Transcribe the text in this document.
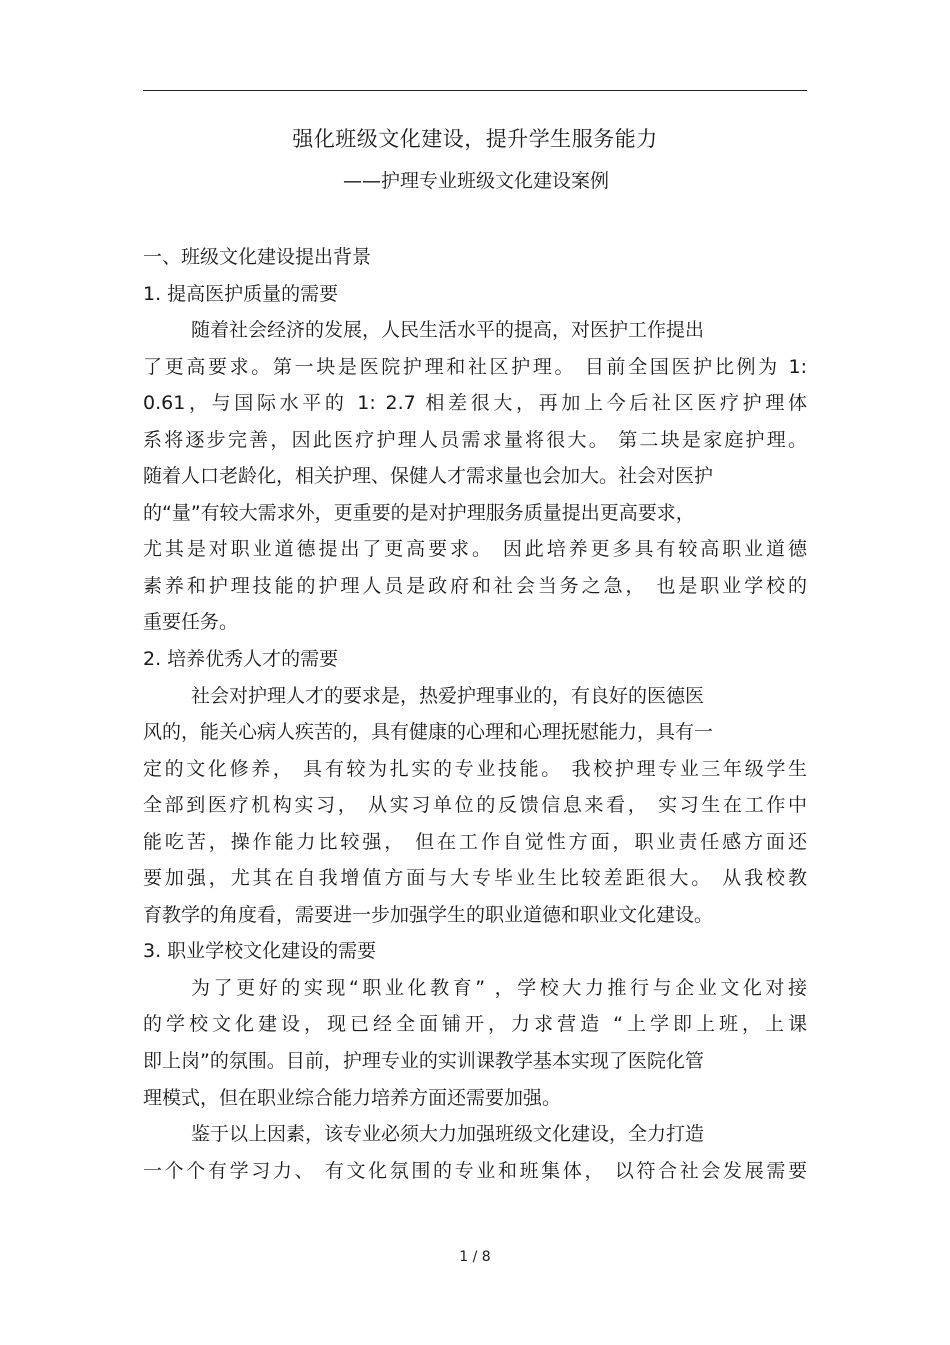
强化班级文化建设，提升学生服务能力
——护理专业班级文化建设案例
一、班级文化建设提出背景
1. 提高医护质量的需要
随着社会经济的发展，人民生活水平的提高，对医护工作提出
了更高要求。第一块是医院护理和社区护理。 目前全国医护比例为 1:
0.61，与国际水平的 1: 2.7 相差很大，再加上今后社区医疗护理体
系将逐步完善，因此医疗护理人员需求量将很大。 第二块是家庭护理。
随着人口老龄化，相关护理、保健人才需求量也会加大。社会对医护
的“量”有较大需求外，更重要的是对护理服务质量提出更高要求，
尤其是对职业道德提出了更高要求。 因此培养更多具有较高职业道德
素养和护理技能的护理人员是政府和社会当务之急， 也是职业学校的
重要任务。
2. 培养优秀人才的需要
社会对护理人才的要求是，热爱护理事业的，有良好的医德医
风的，能关心病人疾苦的，具有健康的心理和心理抚慰能力，具有一
定的文化修养， 具有较为扎实的专业技能。 我校护理专业三年级学生
全部到医疗机构实习， 从实习单位的反馈信息来看， 实习生在工作中
能吃苦，操作能力比较强， 但在工作自觉性方面，职业责任感方面还
要加强，尤其在自我增值方面与大专毕业生比较差距很大。 从我校教
育教学的角度看，需要进一步加强学生的职业道德和职业文化建设。
3. 职业学校文化建设的需要
为了更好的实现“职业化教育” ，学校大力推行与企业文化对接
的学校文化建设，现已经全面铺开，力求营造 “上学即上班，上课
即上岗”的氛围。目前，护理专业的实训课教学基本实现了医院化管
理模式，但在职业综合能力培养方面还需要加强。
鉴于以上因素，该专业必须大力加强班级文化建设，全力打造
一个个有学习力、 有文化氛围的专业和班集体， 以符合社会发展需要
1 / 8
